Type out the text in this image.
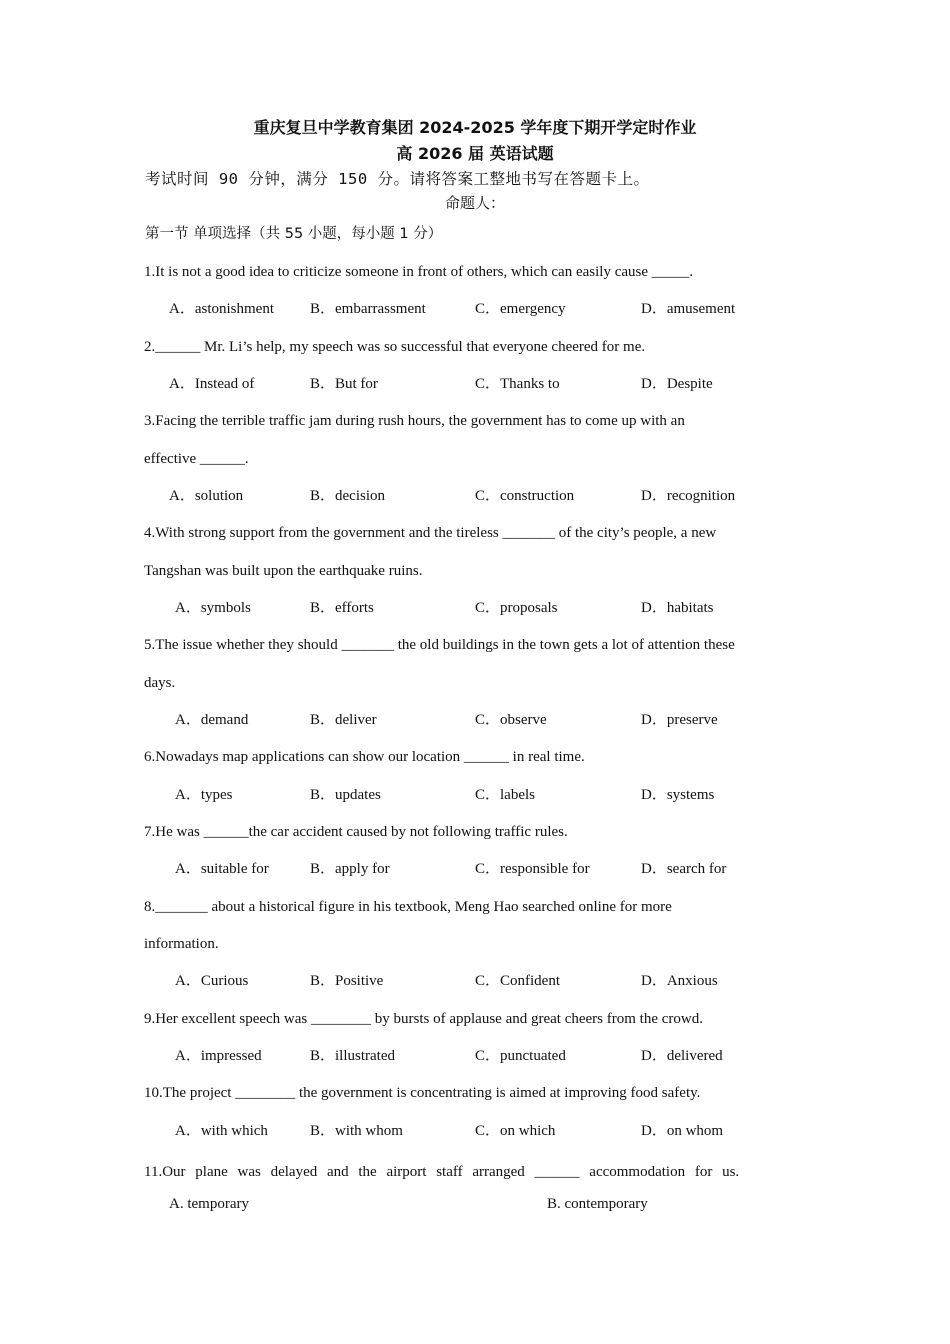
重庆复旦中学教育集团 2024-2025 学年度下期开学定时作业
高 2026 届 英语试题
考试时间 90 分钟，满分 150 分。请将答案工整地书写在答题卡上。
命题人：
第一节 单项选择（共 55 小题，每小题 1 分）
1.It is not a good idea to criticize someone in front of others, which can easily cause _____.
A．astonishment B．embarrassment	C．emergency	D．amusement
2.______ Mr. Li’s help, my speech was so successful that everyone cheered for me.
A．Instead of	B．But for	C．Thanks to	D．Despite
3.Facing the terrible traffic jam during rush hours, the government has to come up with an
effective ______.
A．solution	B．decision	C．construction	D．recognition
4.With strong support from the government and the tireless _______ of the city’s people, a new
Tangshan was built upon the earthquake ruins.
A．symbols	B．efforts	C．proposals	D．habitats
5.The issue whether they should _______ the old buildings in the town gets a lot of attention these
days.
A．demand	B．deliver	C．observe	D．preserve
6.Nowadays map applications can show our location ______ in real time.
A．types	B．updates	C．labels	D．systems
7.He was ______the car accident caused by not following traffic rules.
A．suitable for	B．apply for	C．responsible for	D．search for
8._______ about a historical figure in his textbook, Meng Hao searched online for more
information.
A．Curious	B．Positive	C．Confident	D．Anxious
9.Her excellent speech was ________ by bursts of applause and great cheers from the crowd.
A．impressed	B．illustrated	C．punctuated	D．delivered
10.The project ________ the government is concentrating is aimed at improving food safety.
A．with which	B．with whom	C．on which	D．on whom
11.Our plane was delayed and the airport staff arranged ______ accommodation for us.
A. temporary	B. contemporary
